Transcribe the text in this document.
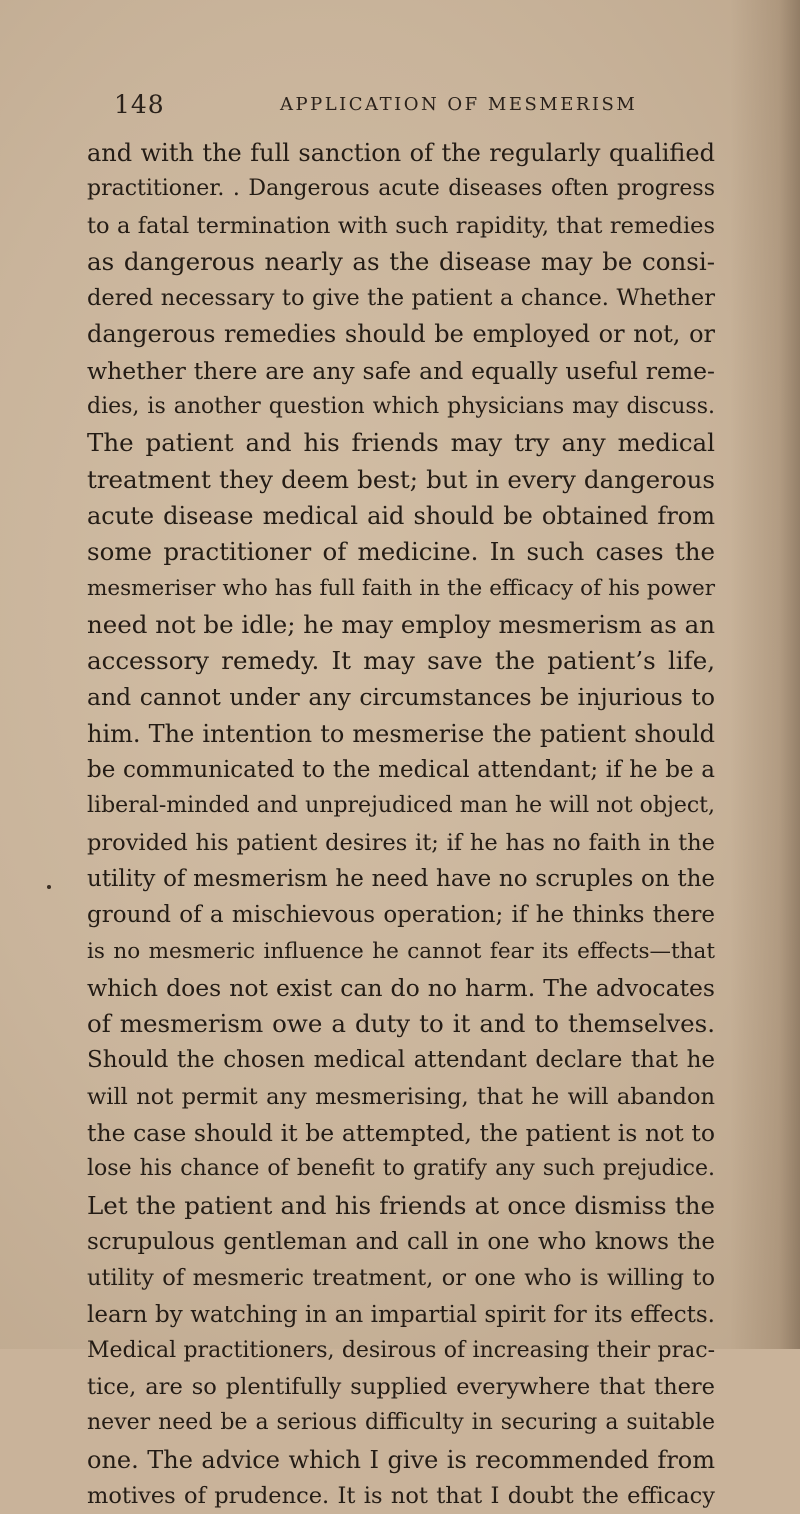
148	APPLICATION OF MESMERISM
and with the full sanction of the regularly qualified
practitioner. . Dangerous acute diseases often progress
to a fatal termination with such rapidity, that remedies
as dangerous nearly as the disease may be consi-
dered necessary to give the patient a chance. Whether
dangerous remedies should be employed or not, or
whether there are any safe and equally useful reme-
dies, is another question which physicians may discuss.
The patient and his friends may try any medical
treatment they deem best; but in every dangerous
acute disease medical aid should be obtained from
some practitioner of medicine. In such cases the
mesmeriser who has full faith in the efficacy of his power
need not be idle; he may employ mesmerism as an
accessory remedy. It may save the patient’s life,
and cannot under any circumstances be injurious to
him. The intention to mesmerise the patient should
be communicated to the medical attendant; if he be a
liberal-minded and unprejudiced man he will not object,
provided his patient desires it; if he has no faith in the
utility of mesmerism he need have no scruples on the
ground of a mischievous operation; if he thinks there
is no mesmeric influence he cannot fear its effects—that
which does not exist can do no harm. The advocates
of mesmerism owe a duty to it and to themselves.
Should the chosen medical attendant declare that he
will not permit any mesmerising, that he will abandon
the case should it be attempted, the patient is not to
lose his chance of benefit to gratify any such prejudice.
Let the patient and his friends at once dismiss the
scrupulous gentleman and call in one who knows the
utility of mesmeric treatment, or one who is willing to
learn by watching in an impartial spirit for its effects.
Medical practitioners, desirous of increasing their prac-
tice, are so plentifully supplied everywhere that there
never need be a serious difficulty in securing a suitable
one. The advice which I give is recommended from
motives of prudence. It is not that I doubt the efficacy
